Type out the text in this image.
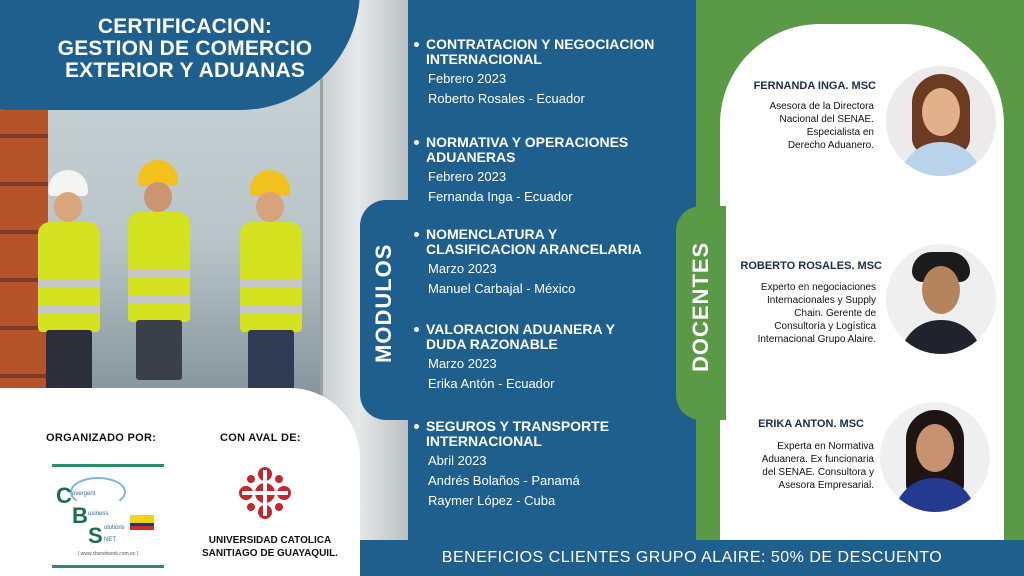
CERTIFICACION:
GESTION DE COMERCIO
EXTERIOR Y ADUANAS
ORGANIZADO POR:	CON AVAL DE:
C
B
S
overgent
usiness
olutions
NET
( www.cbsnetwork.com.ec )
UNIVERSIDAD CATOLICA SANITIAGO DE GUAYAQUIL.
MODULOS
CONTRATACION Y NEGOCIACION
INTERNACIONAL
Febrero 2023
Roberto Rosales - Ecuador
NORMATIVA Y OPERACIONES
ADUANERAS
Febrero 2023
Fernanda Inga - Ecuador
NOMENCLATURA Y
CLASIFICACION ARANCELARIA
Marzo 2023
Manuel Carbajal - México
VALORACION ADUANERA Y
DUDA RAZONABLE
Marzo 2023
Erika Antón - Ecuador
SEGUROS Y TRANSPORTE
INTERNACIONAL
Abril 2023
Andrés Bolaños - Panamá
Raymer López - Cuba
DOCENTES
FERNANDA INGA. MSC
Asesora de la Directora
Nacional del SENAE.
Especialista en
Derecho Aduanero.
ROBERTO ROSALES. MSC
Experto en negociaciones
Internacionales y Supply
Chain. Gerente de
Consultoría y Logística
Internacional Grupo Alaire.
ERIKA ANTON. MSC
Experta en Normativa
Aduanera. Ex funcionaria
del SENAE. Consultora y
Asesora Empresarial.
BENEFICIOS CLIENTES GRUPO ALAIRE: 50% DE DESCUENTO
